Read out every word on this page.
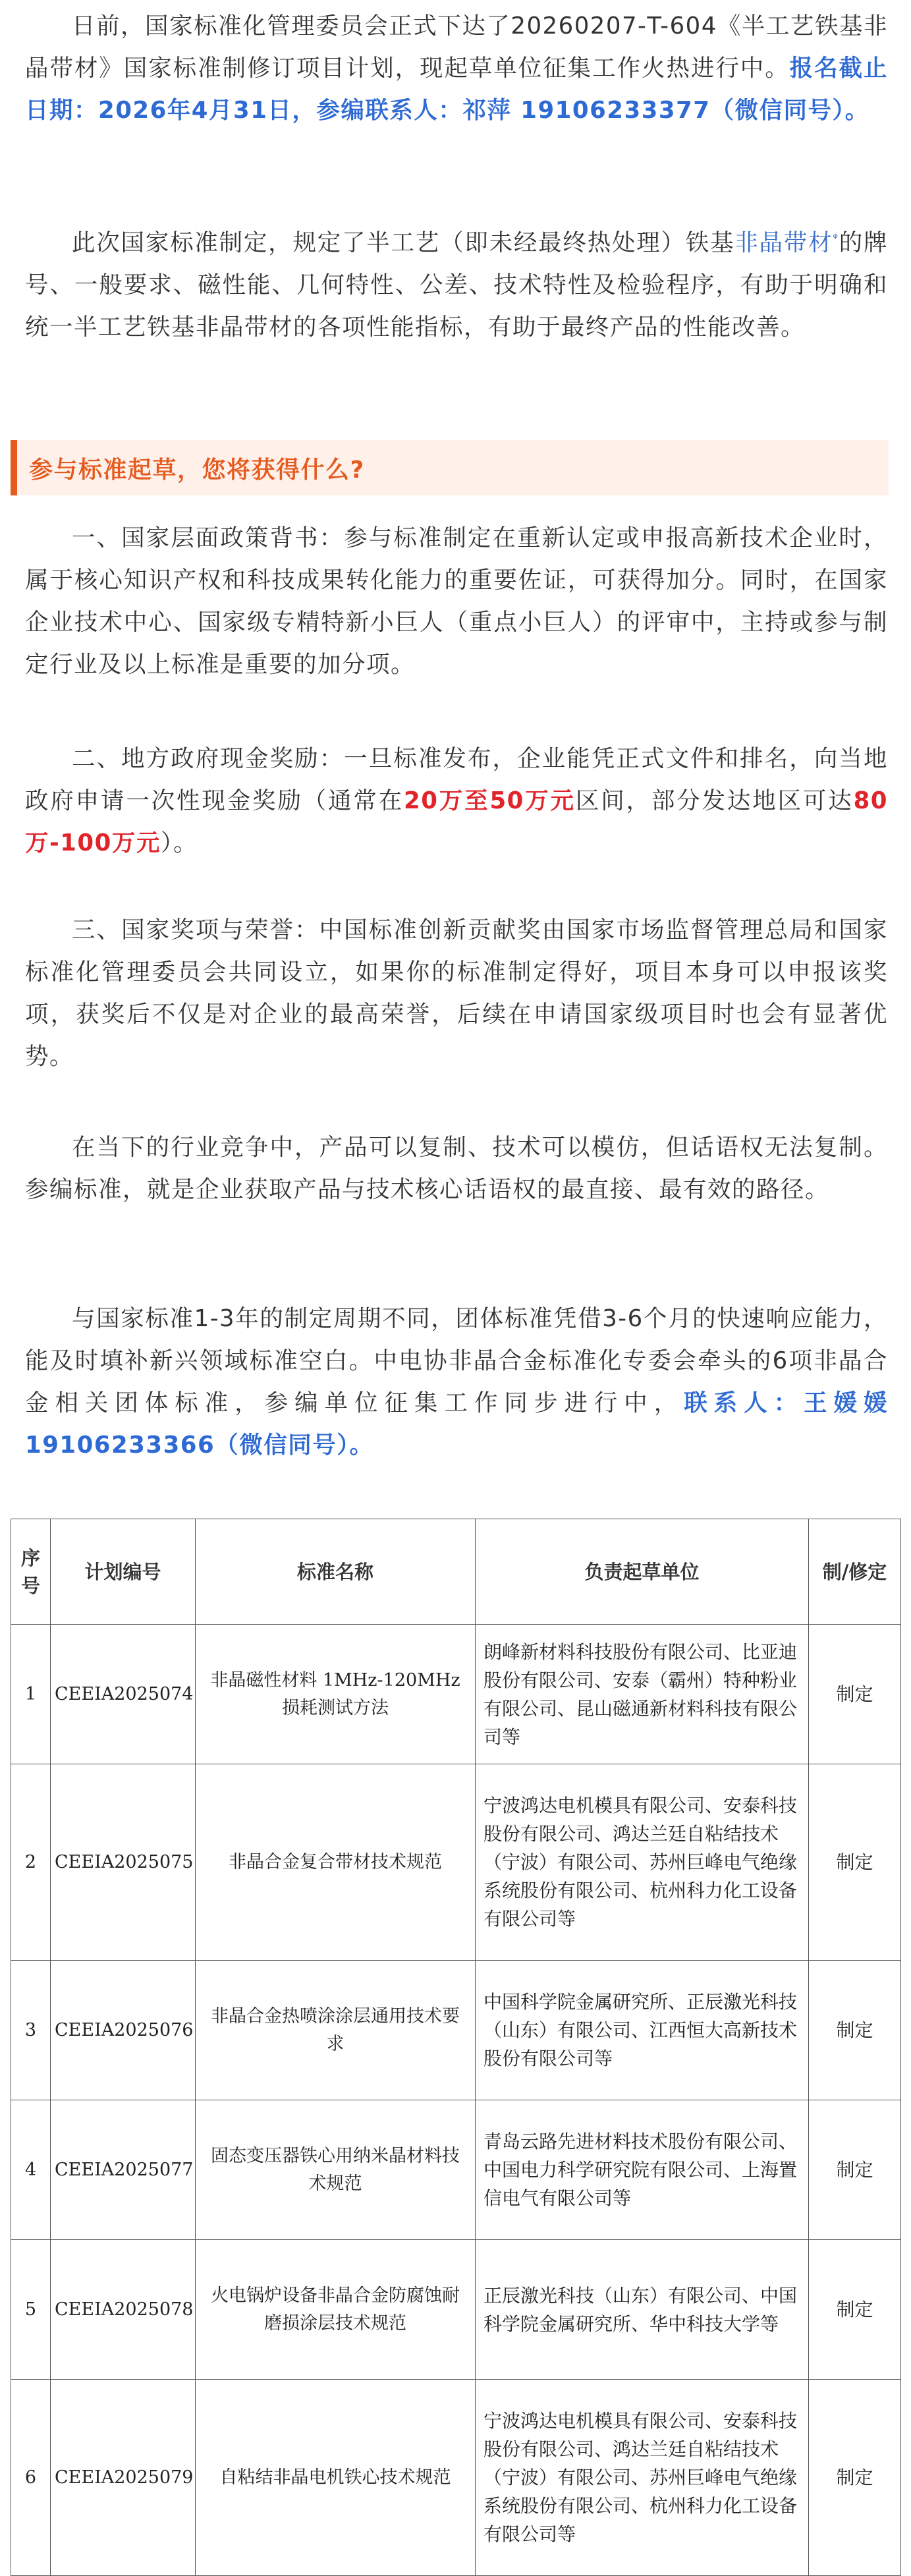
日前，国家标准化管理委员会正式下达了20260207-T-604《半工艺铁基非晶带材》国家标准制修订项目计划，现起草单位征集工作火热进行中。报名截止日期：2026年4月31日，参编联系人：祁萍 19106233377（微信同号）。

此次国家标准制定，规定了半工艺（即未经最终热处理）铁基非晶带材$^ᵠ$的牌号、一般要求、磁性能、几何特性、公差、技术特性及检验程序，有助于明确和统一半工艺铁基非晶带材的各项性能指标，有助于最终产品的性能改善。

参与标准起草，您将获得什么?

一、国家层面政策背书：参与标准制定在重新认定或申报高新技术企业时，属于核心知识产权和科技成果转化能力的重要佐证，可获得加分。同时，在国家企业技术中心、国家级专精特新小巨人（重点小巨人）的评审中，主持或参与制定行业及以上标准是重要的加分项。

二、地方政府现金奖励：一旦标准发布，企业能凭正式文件和排名，向当地政府申请一次性现金奖励（通常在20万至50万元区间，部分发达地区可达80万-100万元）。

三、国家奖项与荣誉：中国标准创新贡献奖由国家市场监督管理总局和国家标准化管理委员会共同设立，如果你的标准制定得好，项目本身可以申报该奖项，获奖后不仅是对企业的最高荣誉，后续在申请国家级项目时也会有显著优势。

在当下的行业竞争中，产品可以复制、技术可以模仿，但话语权无法复制。参编标准，就是企业获取产品与技术核心话语权的最直接、最有效的路径。

与国家标准1-3年的制定周期不同，团体标准凭借3-6个月的快速响应能力，能及时填补新兴领域标准空白。中电协非晶合金标准化专委会牵头的6项非晶合金相关团体标准，参编单位征集工作同步进行中，联系人：王媛媛19106233366（微信同号）。

序号	计划编号	标准名称	负责起草单位	制/修定
1	CEEIA2025074	非晶磁性材料 1MHz-120MHz损耗测试方法	朗峰新材料科技股份有限公司、比亚迪股份有限公司、安泰（霸州）特种粉业有限公司、昆山磁通新材料科技有限公司等	制定
2	CEEIA2025075	非晶合金复合带材技术规范	宁波鸿达电机模具有限公司、安泰科技股份有限公司、鸿达兰廷自粘结技术（宁波）有限公司、苏州巨峰电气绝缘系统股份有限公司、杭州科力化工设备有限公司等	制定
3	CEEIA2025076	非晶合金热喷涂涂层通用技术要求	中国科学院金属研究所、正辰激光科技（山东）有限公司、江西恒大高新技术股份有限公司等	制定
4	CEEIA2025077	固态变压器铁心用纳米晶材料技术规范	青岛云路先进材料技术股份有限公司、中国电力科学研究院有限公司、上海置信电气有限公司等	制定
5	CEEIA2025078	火电锅炉设备非晶合金防腐蚀耐磨损涂层技术规范	正辰激光科技（山东）有限公司、中国科学院金属研究所、华中科技大学等	制定
6	CEEIA2025079	自粘结非晶电机铁心技术规范	宁波鸿达电机模具有限公司、安泰科技股份有限公司、鸿达兰廷自粘结技术（宁波）有限公司、苏州巨峰电气绝缘系统股份有限公司、杭州科力化工设备有限公司等	制定
